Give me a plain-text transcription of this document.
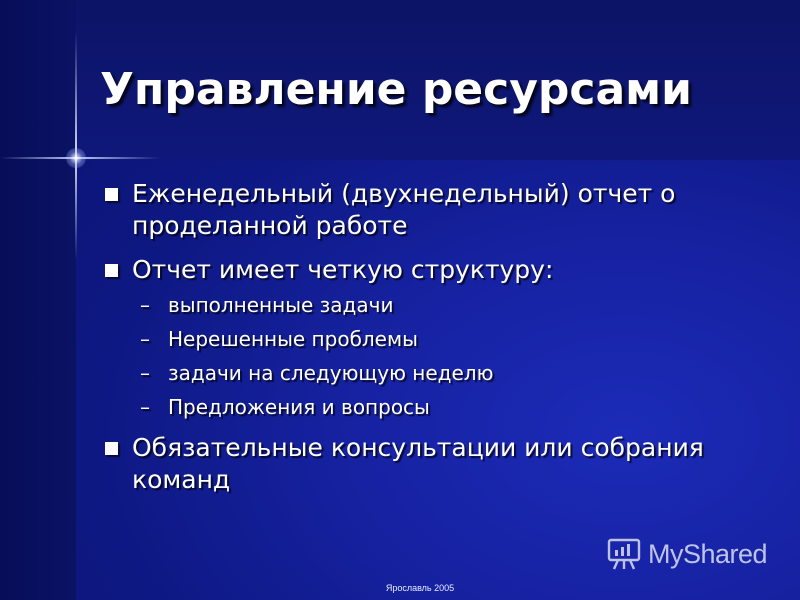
Управление ресурсами
Еженедельный (двухнедельный) отчет о проделанной работе
Отчет имеет четкую структуру:
– выполненные задачи
– Нерешенные проблемы
– задачи на следующую неделю
– Предложения и вопросы
Обязательные консультации или собрания команд
Ярославль 2005
MyShared
